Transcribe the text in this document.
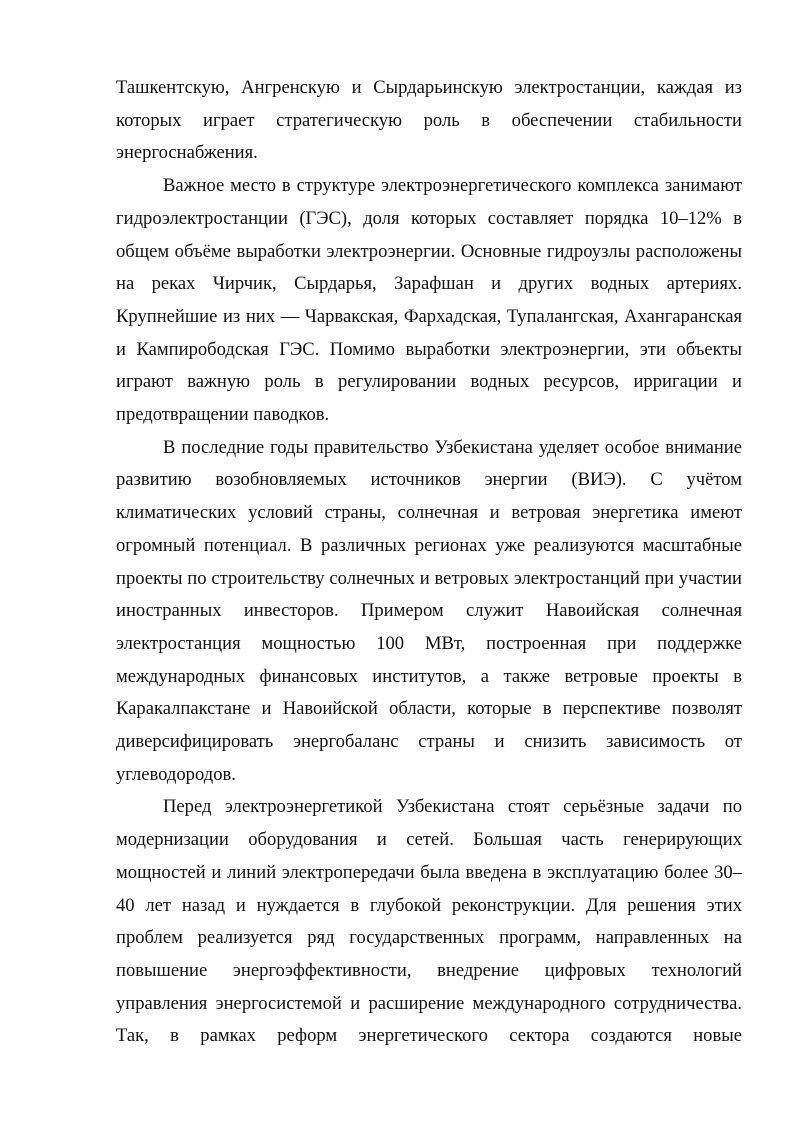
Ташкентскую, Ангренскую и Сырдарьинскую электростанции, каждая из которых играет стратегическую роль в обеспечении стабильности энергоснабжения.

Важное место в структуре электроэнергетического комплекса занимают гидроэлектростанции (ГЭС), доля которых составляет порядка 10–12% в общем объёме выработки электроэнергии. Основные гидроузлы расположены на реках Чирчик, Сырдарья, Зарафшан и других водных артериях. Крупнейшие из них — Чарвакская, Фархадская, Тупалангская, Ахангаранская и Кампирободская ГЭС. Помимо выработки электроэнергии, эти объекты играют важную роль в регулировании водных ресурсов, ирригации и предотвращении паводков.

В последние годы правительство Узбекистана уделяет особое внимание развитию возобновляемых источников энергии (ВИЭ). С учётом климатических условий страны, солнечная и ветровая энергетика имеют огромный потенциал. В различных регионах уже реализуются масштабные проекты по строительству солнечных и ветровых электростанций при участии иностранных инвесторов. Примером служит Навоийская солнечная электростанция мощностью 100 МВт, построенная при поддержке международных финансовых институтов, а также ветровые проекты в Каракалпакстане и Навоийской области, которые в перспективе позволят диверсифицировать энергобаланс страны и снизить зависимость от углеводородов.

Перед электроэнергетикой Узбекистана стоят серьёзные задачи по модернизации оборудования и сетей. Большая часть генерирующих мощностей и линий электропередачи была введена в эксплуатацию более 30–40 лет назад и нуждается в глубокой реконструкции. Для решения этих проблем реализуется ряд государственных программ, направленных на повышение энергоэффективности, внедрение цифровых технологий управления энергосистемой и расширение международного сотрудничества. Так, в рамках реформ энергетического сектора создаются новые
